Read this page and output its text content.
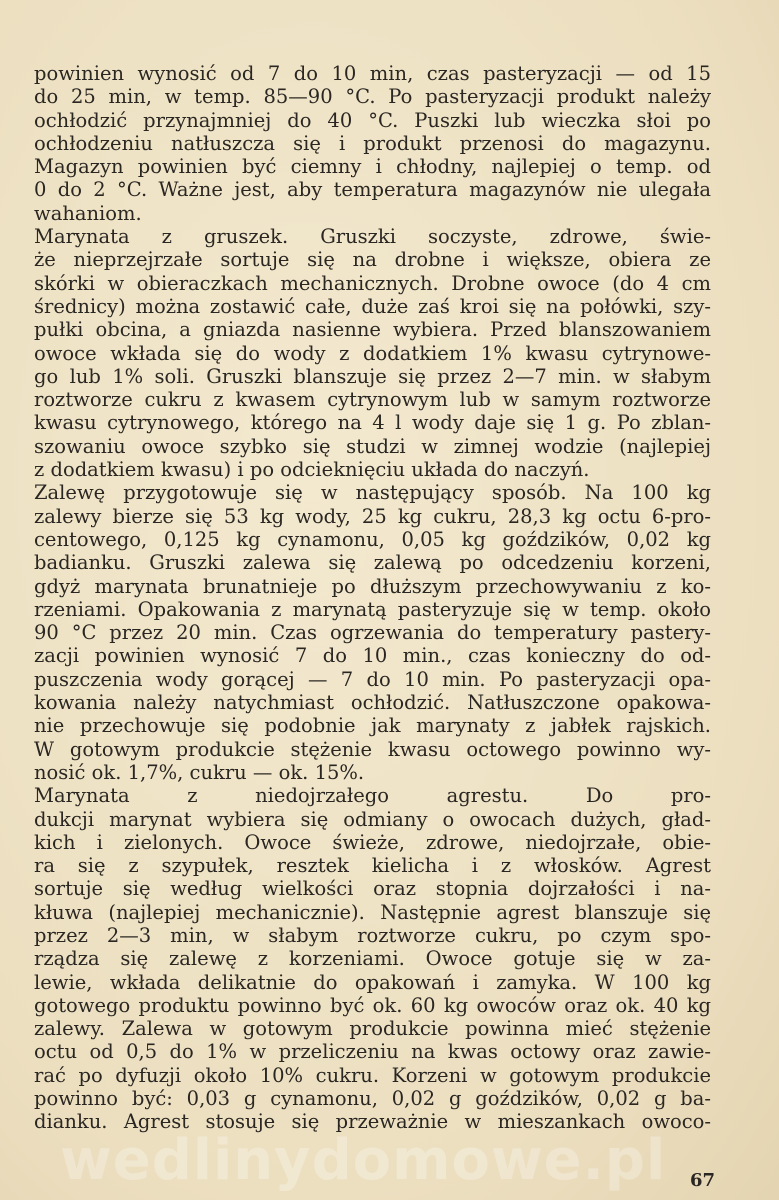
powinien wynosić od 7 do 10 min, czas pasteryzacji — od 15
do 25 min, w temp. 85—90 °C. Po pasteryzacji produkt należy
ochłodzić przynajmniej do 40 °C. Puszki lub wieczka słoi po
ochłodzeniu natłuszcza się i produkt przenosi do magazynu.
Magazyn powinien być ciemny i chłodny, najlepiej o temp. od
0 do 2 °C. Ważne jest, aby temperatura magazynów nie ulegała
wahaniom.
Marynata z gruszek. Gruszki soczyste, zdrowe, świe-
że nieprzejrzałe sortuje się na drobne i większe, obiera ze
skórki w obieraczkach mechanicznych. Drobne owoce (do 4 cm
średnicy) można zostawić całe, duże zaś kroi się na połówki, szy-
pułki obcina, a gniazda nasienne wybiera. Przed blanszowaniem
owoce wkłada się do wody z dodatkiem 1% kwasu cytrynowe-
go lub 1% soli. Gruszki blanszuje się przez 2—7 min. w słabym
roztworze cukru z kwasem cytrynowym lub w samym roztworze
kwasu cytrynowego, którego na 4 l wody daje się 1 g. Po zblan-
szowaniu owoce szybko się studzi w zimnej wodzie (najlepiej
z dodatkiem kwasu) i po odcieknięciu układa do naczyń.
Zalewę przygotowuje się w następujący sposób. Na 100 kg
zalewy bierze się 53 kg wody, 25 kg cukru, 28,3 kg octu 6-pro-
centowego, 0,125 kg cynamonu, 0,05 kg goździków, 0,02 kg
badianku. Gruszki zalewa się zalewą po odcedzeniu korzeni,
gdyż marynata brunatnieje po dłuższym przechowywaniu z ko-
rzeniami. Opakowania z marynatą pasteryzuje się w temp. około
90 °C przez 20 min. Czas ogrzewania do temperatury pastery-
zacji powinien wynosić 7 do 10 min., czas konieczny do od-
puszczenia wody gorącej — 7 do 10 min. Po pasteryzacji opa-
kowania należy natychmiast ochłodzić. Natłuszczone opakowa-
nie przechowuje się podobnie jak marynaty z jabłek rajskich.
W gotowym produkcie stężenie kwasu octowego powinno wy-
nosić ok. 1,7%, cukru — ok. 15%.
Marynata z niedojrzałego agrestu. Do pro-
dukcji marynat wybiera się odmiany o owocach dużych, gład-
kich i zielonych. Owoce świeże, zdrowe, niedojrzałe, obie-
ra się z szypułek, resztek kielicha i z włosków. Agrest
sortuje się według wielkości oraz stopnia dojrzałości i na-
kłuwa (najlepiej mechanicznie). Następnie agrest blanszuje się
przez 2—3 min, w słabym roztworze cukru, po czym spo-
rządza się zalewę z korzeniami. Owoce gotuje się w za-
lewie, wkłada delikatnie do opakowań i zamyka. W 100 kg
gotowego produktu powinno być ok. 60 kg owoców oraz ok. 40 kg
zalewy. Zalewa w gotowym produkcie powinna mieć stężenie
octu od 0,5 do 1% w przeliczeniu na kwas octowy oraz zawie-
rać po dyfuzji około 10% cukru. Korzeni w gotowym produkcie
powinno być: 0,03 g cynamonu, 0,02 g goździków, 0,02 g ba-
dianku. Agrest stosuje się przeważnie w mieszankach owoco-
wedlinydomowe.pl	67
